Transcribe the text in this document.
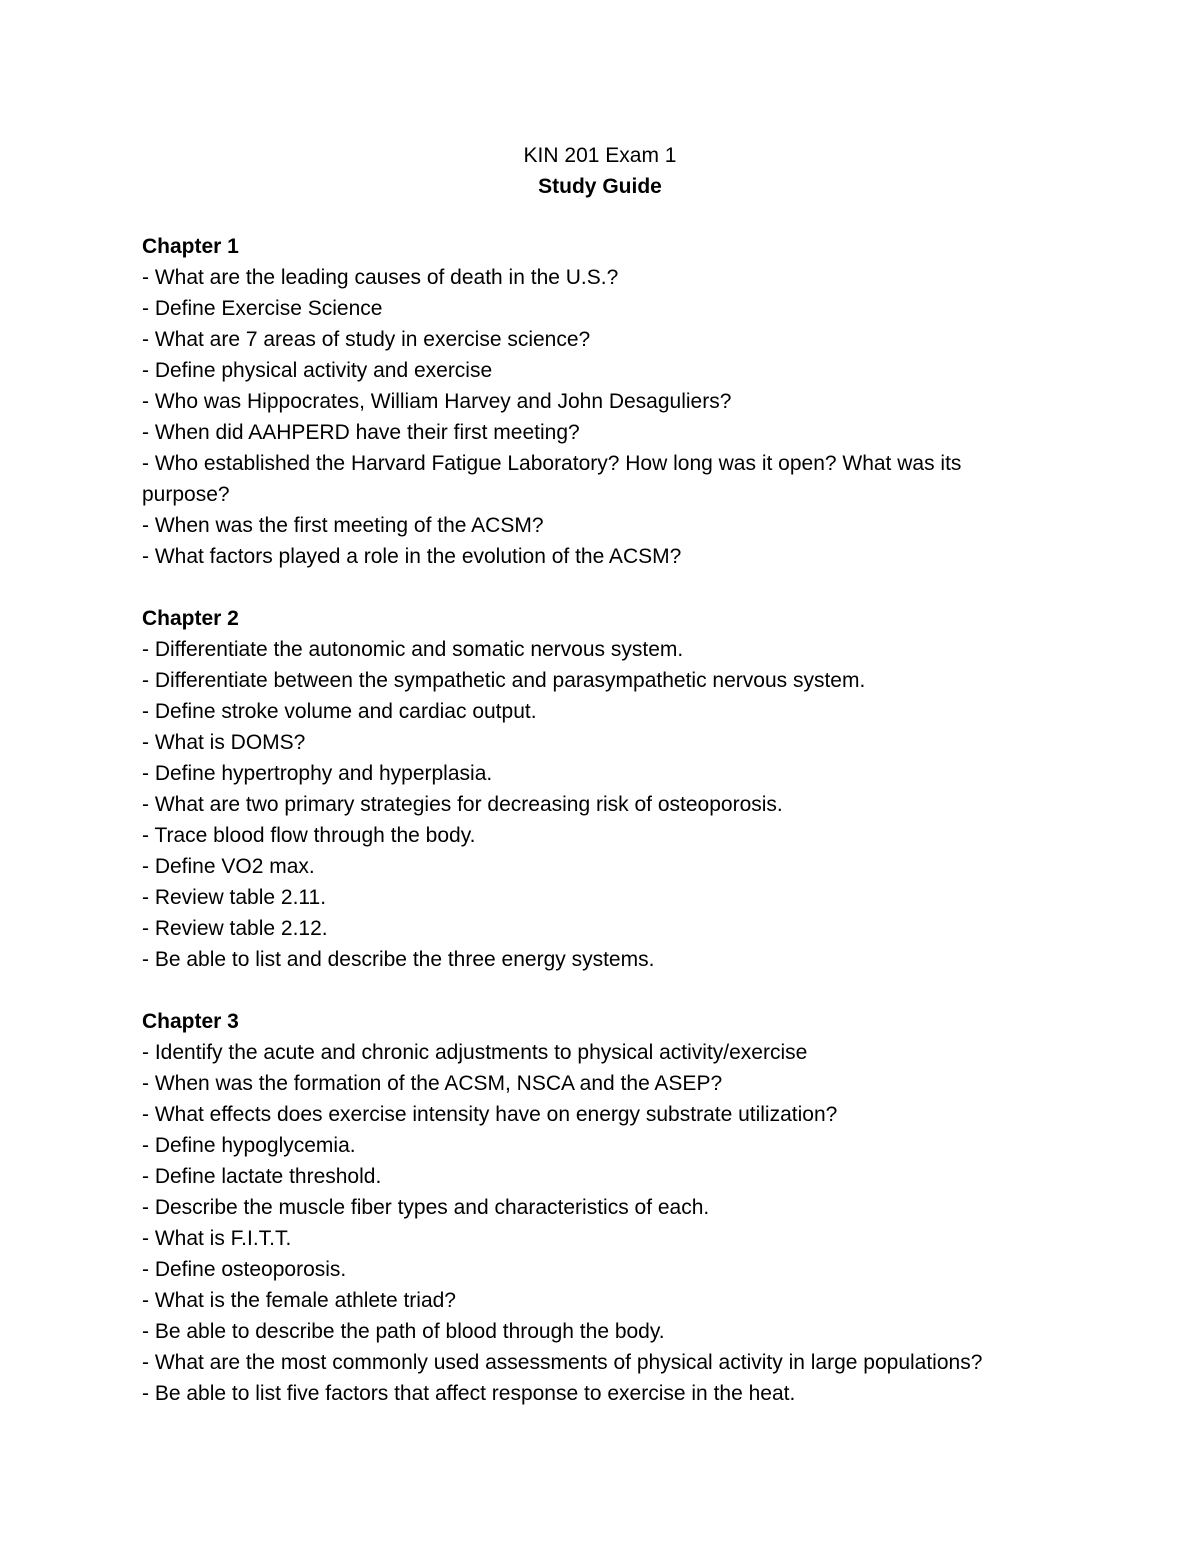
KIN 201 Exam 1
Study Guide
Chapter 1
- What are the leading causes of death in the U.S.?
- Define Exercise Science
- What are 7 areas of study in exercise science?
- Define physical activity and exercise
- Who was Hippocrates, William Harvey and John Desaguliers?
- When did AAHPERD have their first meeting?
- Who established the Harvard Fatigue Laboratory? How long was it open? What was its purpose?
- When was the first meeting of the ACSM?
- What factors played a role in the evolution of the ACSM?
Chapter 2
- Differentiate the autonomic and somatic nervous system.
- Differentiate between the sympathetic and parasympathetic nervous system.
- Define stroke volume and cardiac output.
- What is DOMS?
- Define hypertrophy and hyperplasia.
- What are two primary strategies for decreasing risk of osteoporosis.
- Trace blood flow through the body.
- Define VO2 max.
- Review table 2.11.
- Review table 2.12.
- Be able to list and describe the three energy systems.
Chapter 3
- Identify the acute and chronic adjustments to physical activity/exercise
- When was the formation of the ACSM, NSCA and the ASEP?
- What effects does exercise intensity have on energy substrate utilization?
- Define hypoglycemia.
- Define lactate threshold.
- Describe the muscle fiber types and characteristics of each.
- What is F.I.T.T.
- Define osteoporosis.
- What is the female athlete triad?
- Be able to describe the path of blood through the body.
- What are the most commonly used assessments of physical activity in large populations?
- Be able to list five factors that affect response to exercise in the heat.
